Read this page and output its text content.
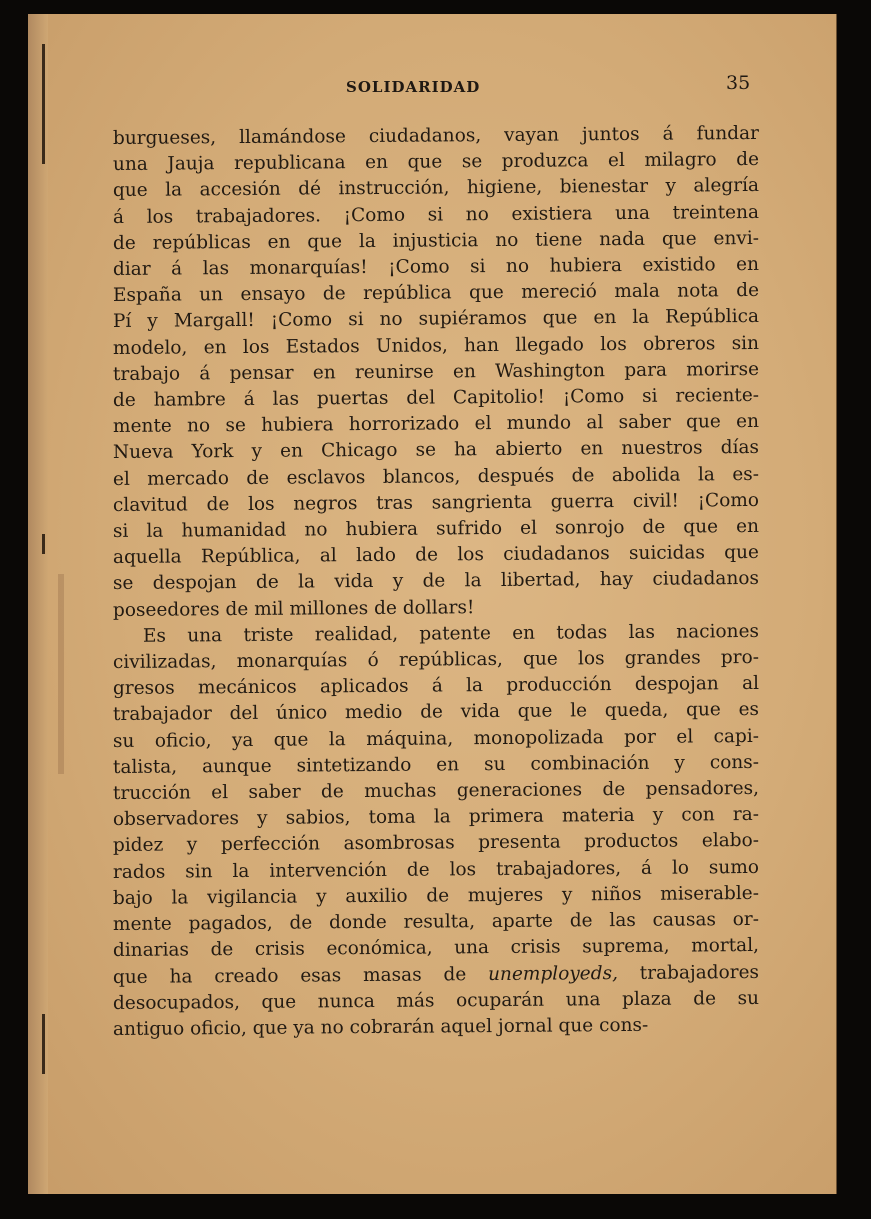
SOLIDARIDAD	35
burgueses, llamándose ciudadanos, vayan juntos á fundar
una Jauja republicana en que se produzca el milagro de
que la accesión dé instrucción, higiene, bienestar y alegría
á los trabajadores. ¡Como si no existiera una treintena
de repúblicas en que la injusticia no tiene nada que envi-
diar á las monarquías! ¡Como si no hubiera existido en
España un ensayo de república que mereció mala nota de
Pí y Margall! ¡Como si no supiéramos que en la República
modelo, en los Estados Unidos, han llegado los obreros sin
trabajo á pensar en reunirse en Washington para morirse
de hambre á las puertas del Capitolio! ¡Como si reciente-
mente no se hubiera horrorizado el mundo al saber que en
Nueva York y en Chicago se ha abierto en nuestros días
el mercado de esclavos blancos, después de abolida la es-
clavitud de los negros tras sangrienta guerra civil! ¡Como
si la humanidad no hubiera sufrido el sonrojo de que en
aquella República, al lado de los ciudadanos suicidas que
se despojan de la vida y de la libertad, hay ciudadanos
poseedores de mil millones de dollars!
Es una triste realidad, patente en todas las naciones
civilizadas, monarquías ó repúblicas, que los grandes pro-
gresos mecánicos aplicados á la producción despojan al
trabajador del único medio de vida que le queda, que es
su oficio, ya que la máquina, monopolizada por el capi-
talista, aunque sintetizando en su combinación y cons-
trucción el saber de muchas generaciones de pensadores,
observadores y sabios, toma la primera materia y con ra-
pidez y perfección asombrosas presenta productos elabo-
rados sin la intervención de los trabajadores, á lo sumo
bajo la vigilancia y auxilio de mujeres y niños miserable-
mente pagados, de donde resulta, aparte de las causas or-
dinarias de crisis económica, una crisis suprema, mortal,
que ha creado esas masas de unemployeds, trabajadores
desocupados, que nunca más ocuparán una plaza de su
antiguo oficio, que ya no cobrarán aquel jornal que cons-
